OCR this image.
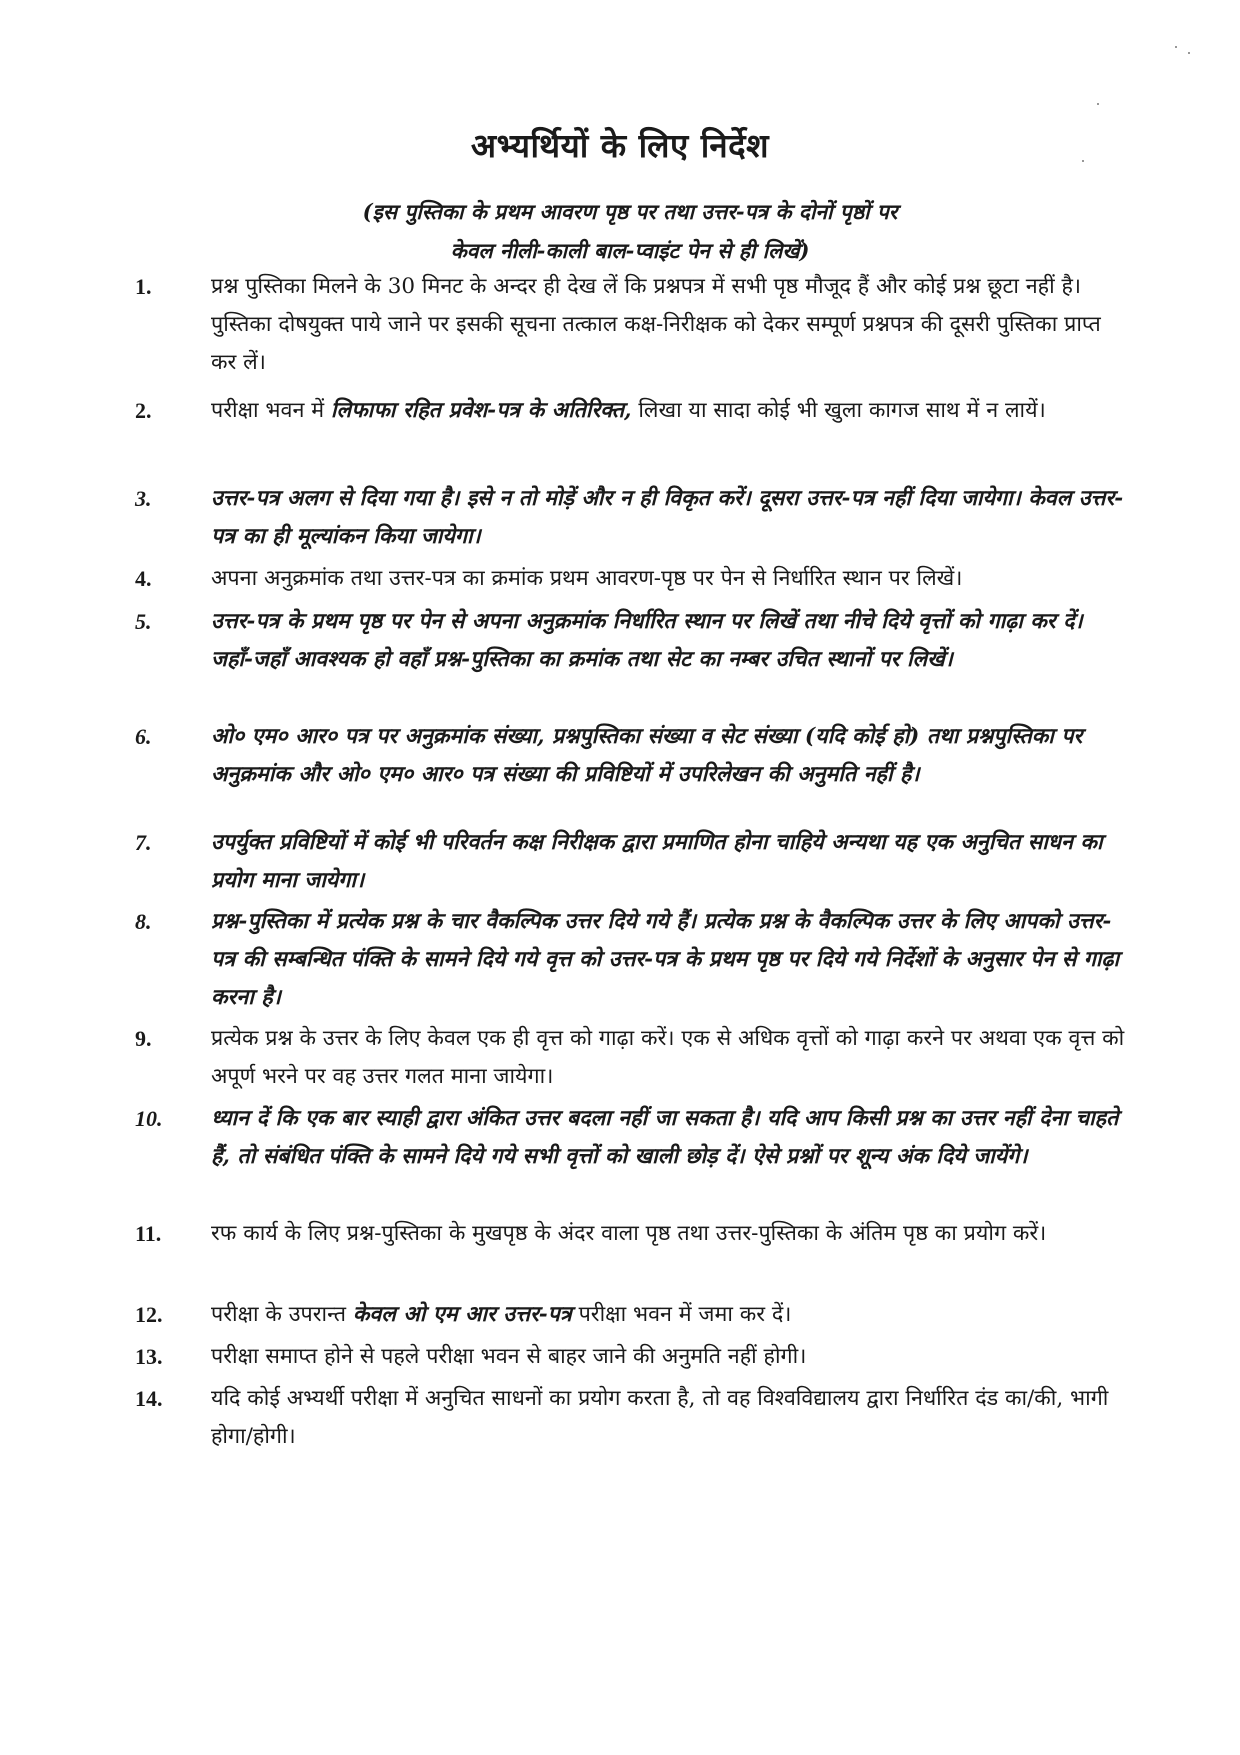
अभ्यर्थियों के लिए निर्देश
(इस पुस्तिका के प्रथम आवरण पृष्ठ पर तथा उत्तर-पत्र के दोनों पृष्ठों पर
केवल नीली-काली बाल-प्वाइंट पेन से ही लिखें)
1.	प्रश्न पुस्तिका मिलने के 30 मिनट के अन्दर ही देख लें कि प्रश्नपत्र में सभी पृष्ठ मौजूद हैं और कोई प्रश्न छूटा नहीं है। पुस्तिका दोषयुक्त पाये जाने पर इसकी सूचना तत्काल कक्ष-निरीक्षक को देकर सम्पूर्ण प्रश्नपत्र की दूसरी पुस्तिका प्राप्त कर लें।
2.	परीक्षा भवन में लिफाफा रहित प्रवेश-पत्र के अतिरिक्त, लिखा या सादा कोई भी खुला कागज साथ में न लायें।
3.	उत्तर-पत्र अलग से दिया गया है। इसे न तो मोड़ें और न ही विकृत करें। दूसरा उत्तर-पत्र नहीं दिया जायेगा। केवल उत्तर-पत्र का ही मूल्यांकन किया जायेगा।
4.	अपना अनुक्रमांक तथा उत्तर-पत्र का क्रमांक प्रथम आवरण-पृष्ठ पर पेन से निर्धारित स्थान पर लिखें।
5.	उत्तर-पत्र के प्रथम पृष्ठ पर पेन से अपना अनुक्रमांक निर्धारित स्थान पर लिखें तथा नीचे दिये वृत्तों को गाढ़ा कर दें। जहाँ-जहाँ आवश्यक हो वहाँ प्रश्न-पुस्तिका का क्रमांक तथा सेट का नम्बर उचित स्थानों पर लिखें।
6.	ओ० एम० आर० पत्र पर अनुक्रमांक संख्या, प्रश्नपुस्तिका संख्या व सेट संख्या (यदि कोई हो) तथा प्रश्नपुस्तिका पर अनुक्रमांक और ओ० एम० आर० पत्र संख्या की प्रविष्टियों में उपरिलेखन की अनुमति नहीं है।
7.	उपर्युक्त प्रविष्टियों में कोई भी परिवर्तन कक्ष निरीक्षक द्वारा प्रमाणित होना चाहिये अन्यथा यह एक अनुचित साधन का प्रयोग माना जायेगा।
8.	प्रश्न-पुस्तिका में प्रत्येक प्रश्न के चार वैकल्पिक उत्तर दिये गये हैं। प्रत्येक प्रश्न के वैकल्पिक उत्तर के लिए आपको उत्तर-पत्र की सम्बन्धित पंक्ति के सामने दिये गये वृत्त को उत्तर-पत्र के प्रथम पृष्ठ पर दिये गये निर्देशों के अनुसार पेन से गाढ़ा करना है।
9.	प्रत्येक प्रश्न के उत्तर के लिए केवल एक ही वृत्त को गाढ़ा करें। एक से अधिक वृत्तों को गाढ़ा करने पर अथवा एक वृत्त को अपूर्ण भरने पर वह उत्तर गलत माना जायेगा।
10.	ध्यान दें कि एक बार स्याही द्वारा अंकित उत्तर बदला नहीं जा सकता है। यदि आप किसी प्रश्न का उत्तर नहीं देना चाहते हैं, तो संबंधित पंक्ति के सामने दिये गये सभी वृत्तों को खाली छोड़ दें। ऐसे प्रश्नों पर शून्य अंक दिये जायेंगे।
11.	रफ कार्य के लिए प्रश्न-पुस्तिका के मुखपृष्ठ के अंदर वाला पृष्ठ तथा उत्तर-पुस्तिका के अंतिम पृष्ठ का प्रयोग करें।
12.	परीक्षा के उपरान्त केवल ओ एम आर उत्तर-पत्र परीक्षा भवन में जमा कर दें।
13.	परीक्षा समाप्त होने से पहले परीक्षा भवन से बाहर जाने की अनुमति नहीं होगी।
14.	यदि कोई अभ्यर्थी परीक्षा में अनुचित साधनों का प्रयोग करता है, तो वह विश्वविद्यालय द्वारा निर्धारित दंड का/की, भागी होगा/होगी।
